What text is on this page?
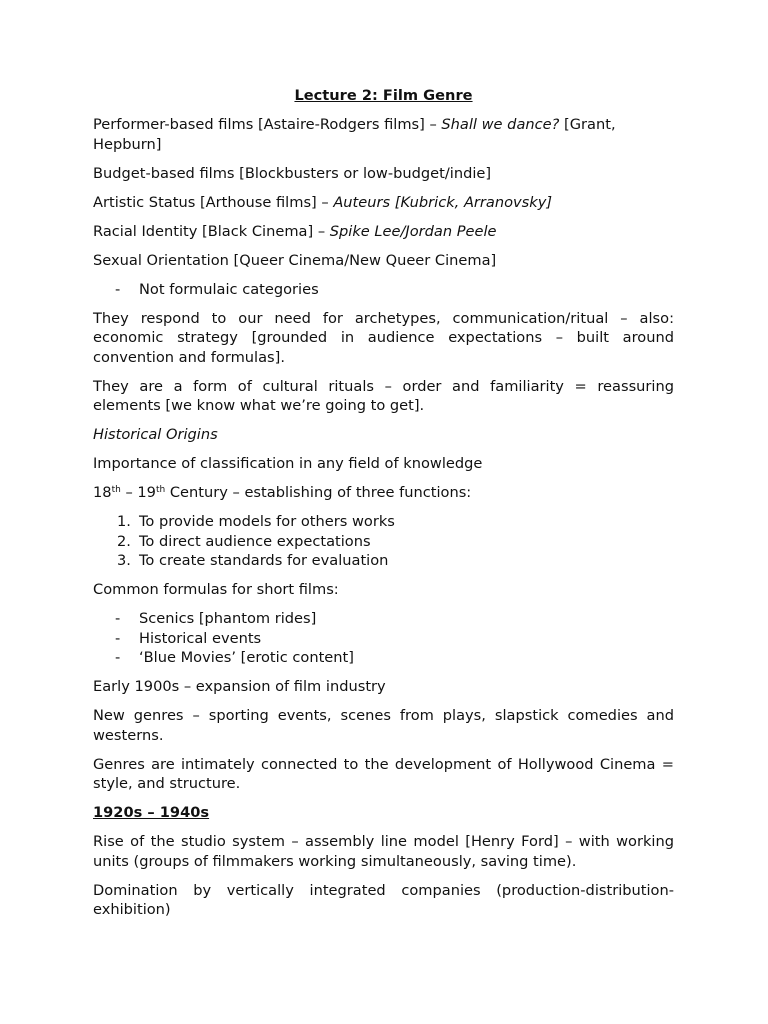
Lecture 2: Film Genre

Performer-based films [Astaire-Rodgers films] – Shall we dance? [Grant, Hepburn]

Budget-based films [Blockbusters or low-budget/indie]

Artistic Status [Arthouse films] – Auteurs [Kubrick, Arranovsky]

Racial Identity [Black Cinema] – Spike Lee/Jordan Peele

Sexual Orientation [Queer Cinema/New Queer Cinema]

- Not formulaic categories

They respond to our need for archetypes, communication/ritual – also: economic strategy [grounded in audience expectations – built around convention and formulas].

They are a form of cultural rituals – order and familiarity = reassuring elements [we know what we’re going to get].

Historical Origins

Importance of classification in any field of knowledge

18th – 19th Century – establishing of three functions:

1. To provide models for others works
2. To direct audience expectations
3. To create standards for evaluation

Common formulas for short films:

- Scenics [phantom rides]
- Historical events
- ‘Blue Movies’ [erotic content]

Early 1900s – expansion of film industry

New genres – sporting events, scenes from plays, slapstick comedies and westerns.

Genres are intimately connected to the development of Hollywood Cinema = style, and structure.

1920s – 1940s

Rise of the studio system – assembly line model [Henry Ford] – with working units (groups of filmmakers working simultaneously, saving time).

Domination by vertically integrated companies (production-distribution-exhibition)
